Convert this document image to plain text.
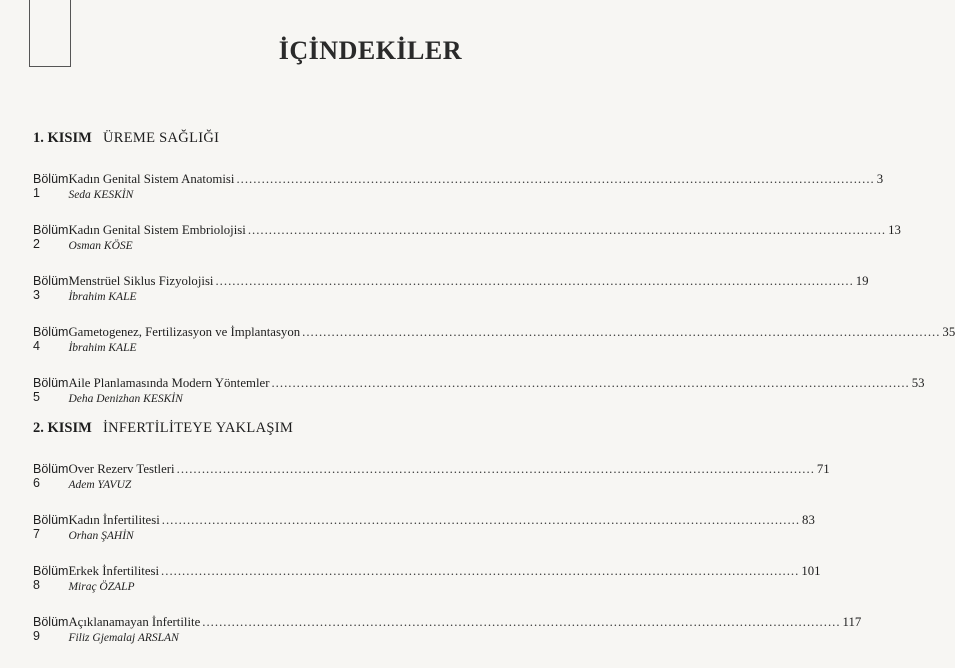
İÇİNDEKİLER
1. KISIM ÜREME SAĞLIĞI
Bölüm 1
Kadın Genital Sistem Anatomisi .....	3
Seda KESKİN
Bölüm 2
Kadın Genital Sistem Embriolojisi .....	13
Osman KÖSE
Bölüm 3
Menstrüel Siklus Fizyolojisi .....	19
İbrahim KALE
Bölüm 4
Gametogenez, Fertilizasyon ve İmplantasyon .....	35
İbrahim KALE
Bölüm 5
Aile Planlamasında Modern Yöntemler .....	53
Deha Denizhan KESKİN
2. KISIM İNFERTİLİTEYE YAKLAŞIM
Bölüm 6
Over Rezerv Testleri .....	71
Adem YAVUZ
Bölüm 7
Kadın İnfertilitesi .....	83
Orhan ŞAHİN
Bölüm 8
Erkek İnfertilitesi .....	101
Miraç ÖZALP
Bölüm 9
Açıklanamayan İnfertilite .....	117
Filiz Gjemalaj ARSLAN
